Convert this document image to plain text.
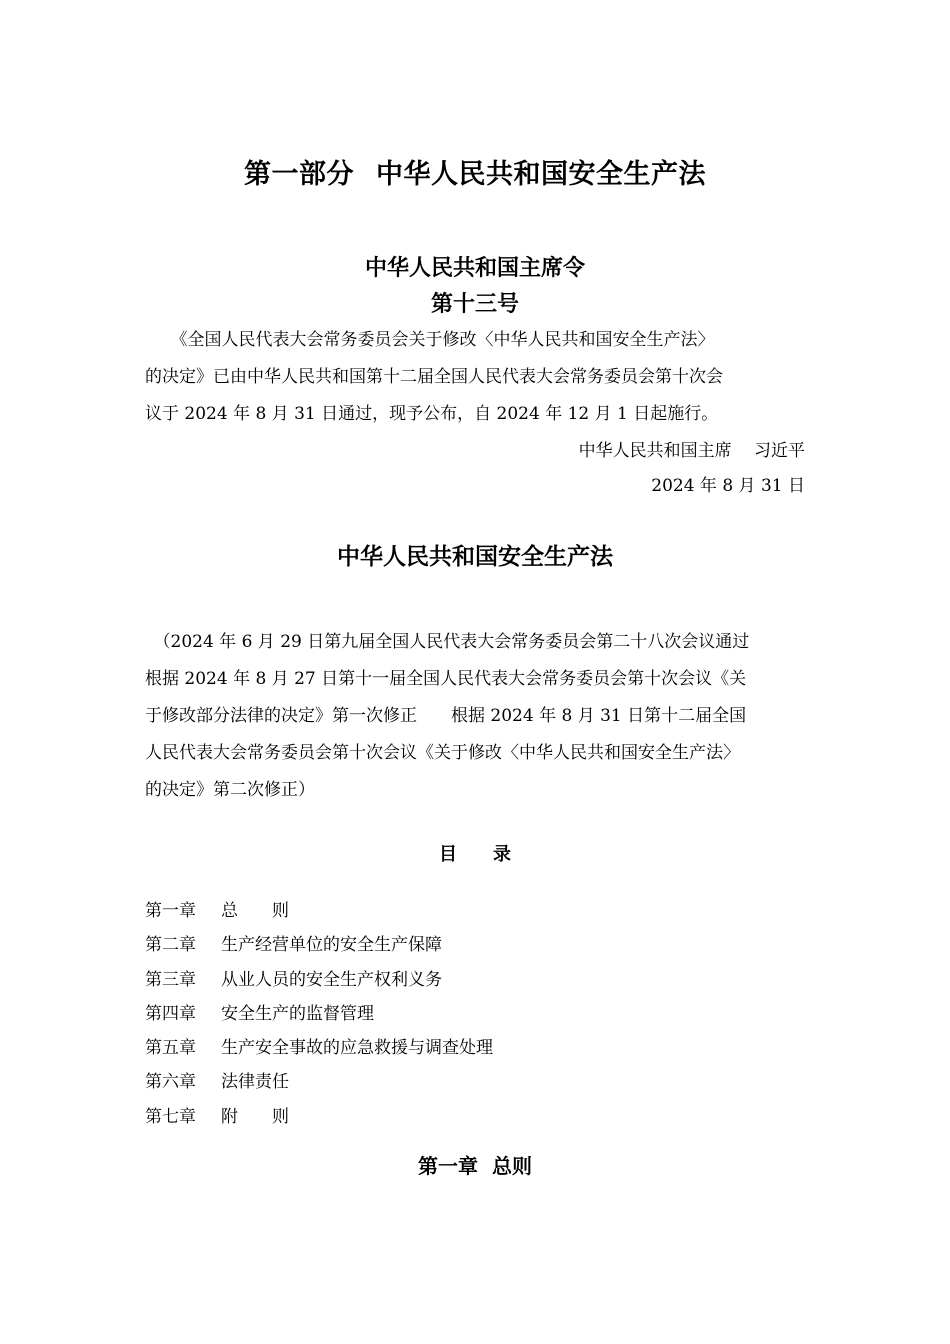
第一部分 中华人民共和国安全生产法
中华人民共和国主席令
第十三号
　　《全国人民代表大会常务委员会关于修改〈中华人民共和国安全生产法〉
的决定》已由中华人民共和国第十二届全国人民代表大会常务委员会第十次会
议于 2024 年 8 月 31 日通过，现予公布，自 2024 年 12 月 1 日起施行。
中华人民共和国主席　 习近平
2024 年 8 月 31 日
中华人民共和国安全生产法
　（2024 年 6 月 29 日第九届全国人民代表大会常务委员会第二十八次会议通过
根据 2024 年 8 月 27 日第十一届全国人民代表大会常务委员会第十次会议《关
于修改部分法律的决定》第一次修正　　根据 2024 年 8 月 31 日第十二届全国
人民代表大会常务委员会第十次会议《关于修改〈中华人民共和国安全生产法〉
的决定》第二次修正）
目　　录
第一章 总　　则
第二章 生产经营单位的安全生产保障
第三章 从业人员的安全生产权利义务
第四章 安全生产的监督管理
第五章 生产安全事故的应急救援与调查处理
第六章 法律责任
第七章 附　　则
第一章  总则
